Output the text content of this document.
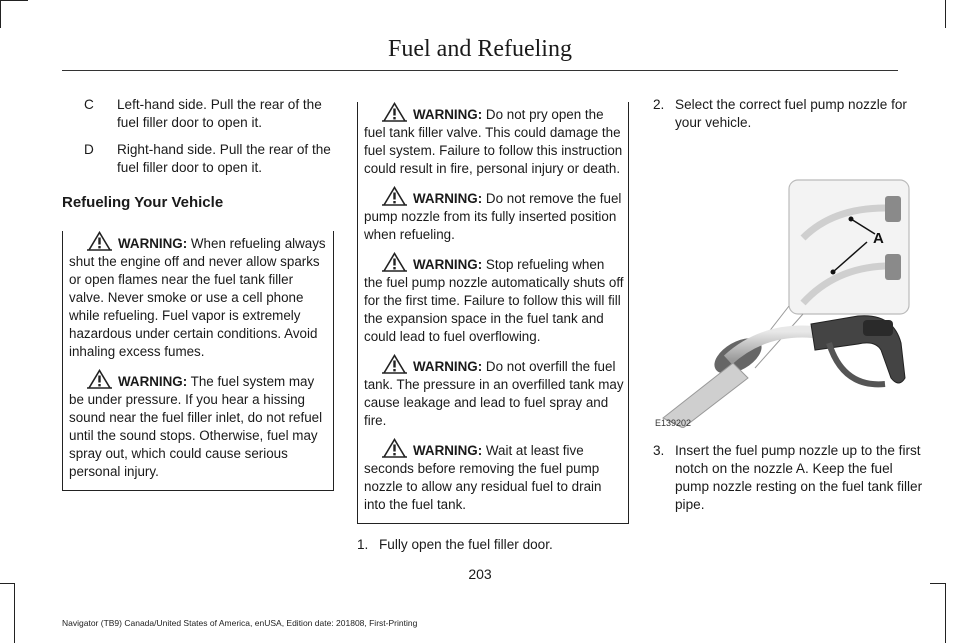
Fuel and Refueling
C	Left-hand side. Pull the rear of the fuel filler door to open it.
D	Right-hand side. Pull the rear of the fuel filler door to open it.
Refueling Your Vehicle

WARNING: When refueling always shut the engine off and never allow sparks or open flames near the fuel tank filler valve. Never smoke or use a cell phone while refueling. Fuel vapor is extremely hazardous under certain conditions. Avoid inhaling excess fumes.

WARNING: The fuel system may be under pressure. If you hear a hissing sound near the fuel filler inlet, do not refuel until the sound stops. Otherwise, fuel may spray out, which could cause serious personal injury.

WARNING: Do not pry open the fuel tank filler valve. This could damage the fuel system. Failure to follow this instruction could result in fire, personal injury or death.

WARNING: Do not remove the fuel pump nozzle from its fully inserted position when refueling.

WARNING: Stop refueling when the fuel pump nozzle automatically shuts off for the first time. Failure to follow this will fill the expansion space in the fuel tank and could lead to fuel overflowing.

WARNING: Do not overfill the fuel tank. The pressure in an overfilled tank may cause leakage and lead to fuel spray and fire.

WARNING: Wait at least five seconds before removing the fuel pump nozzle to allow any residual fuel to drain into the fuel tank.

1. Fully open the fuel filler door.
2. Select the correct fuel pump nozzle for your vehicle.
A
E139202
3. Insert the fuel pump nozzle up to the first notch on the nozzle A. Keep the fuel pump nozzle resting on the fuel tank filler pipe.
203
Navigator (TB9) Canada/United States of America, enUSA, Edition date: 201808, First-Printing
